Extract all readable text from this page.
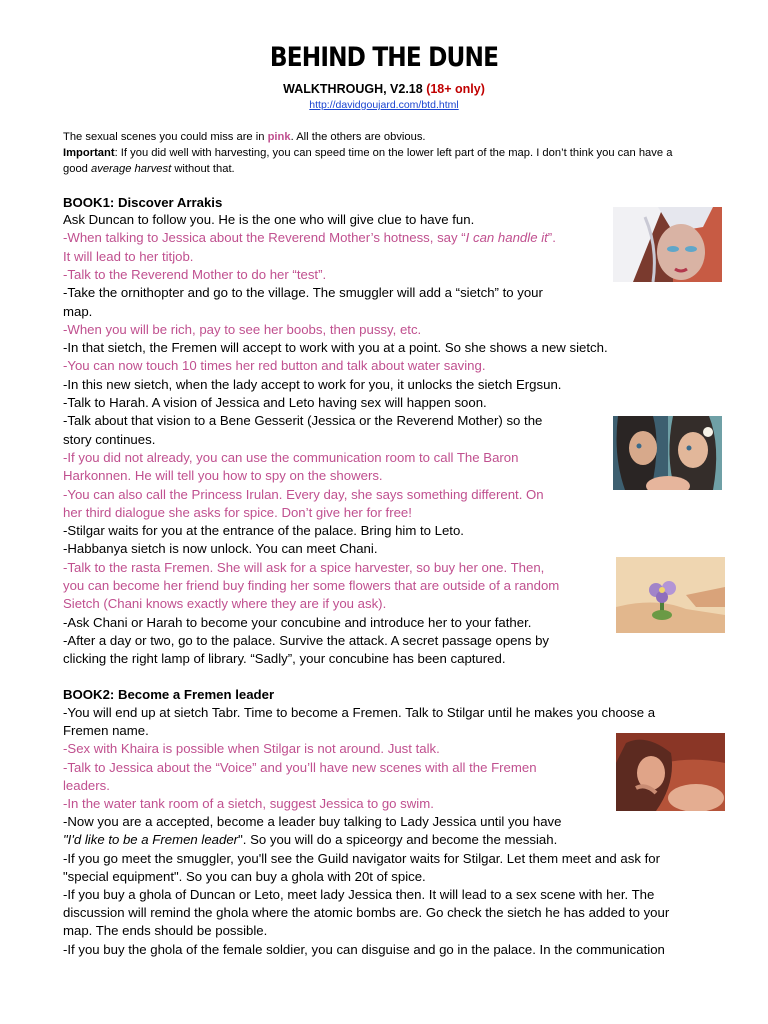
BEHIND THE DUNE
WALKTHROUGH, V2.18 (18+ only)
http://davidgoujard.com/btd.html
The sexual scenes you could miss are in pink. All the others are obvious.
Important: If you did well with harvesting, you can speed time on the lower left part of the map. I don’t think you can have a
good average harvest without that.
BOOK1: Discover Arrakis
Ask Duncan to follow you. He is the one who will give clue to have fun.
-When talking to Jessica about the Reverend Mother’s hotness, say “I can handle it”.
It will lead to her titjob.
-Talk to the Reverend Mother to do her “test”.
-Take the ornithopter and go to the village. The smuggler will add a “sietch” to your
map.
-When you will be rich, pay to see her boobs, then pussy, etc.
-In that sietch, the Fremen will accept to work with you at a point. So she shows a new sietch.
-You can now touch 10 times her red button and talk about water saving.
-In this new sietch, when the lady accept to work for you, it unlocks the sietch Ergsun.
-Talk to Harah. A vision of Jessica and Leto having sex will happen soon.
-Talk about that vision to a Bene Gesserit (Jessica or the Reverend Mother) so the
story continues.
-If you did not already, you can use the communication room to call The Baron
Harkonnen. He will tell you how to spy on the showers.
-You can also call the Princess Irulan. Every day, she says something different. On
her third dialogue she asks for spice. Don’t give her for free!
-Stilgar waits for you at the entrance of the palace. Bring him to Leto.
-Habbanya sietch is now unlock. You can meet Chani.
-Talk to the rasta Fremen. She will ask for a spice harvester, so buy her one. Then,
you can become her friend buy finding her some flowers that are outside of a random
Sietch (Chani knows exactly where they are if you ask).
-Ask Chani or Harah to become your concubine and introduce her to your father.
-After a day or two, go to the palace. Survive the attack. A secret passage opens by
clicking the right lamp of library. “Sadly”, your concubine has been captured.
BOOK2: Become a Fremen leader
-You will end up at sietch Tabr. Time to become a Fremen. Talk to Stilgar until he makes you choose a
Fremen name.
-Sex with Khaira is possible when Stilgar is not around. Just talk.
-Talk to Jessica about the “Voice” and you’ll have new scenes with all the Fremen
leaders.
-In the water tank room of a sietch, suggest Jessica to go swim.
-Now you are a accepted, become a leader buy talking to Lady Jessica until you have
"I'd like to be a Fremen leader". So you will do a spiceorgy and become the messiah.
-If you go meet the smuggler, you'll see the Guild navigator waits for Stilgar. Let them meet and ask for
"special equipment". So you can buy a ghola with 20t of spice.
-If you buy a ghola of Duncan or Leto, meet lady Jessica then. It will lead to a sex scene with her. The
discussion will remind the ghola where the atomic bombs are. Go check the sietch he has added to your
map. The ends should be possible.
-If you buy the ghola of the female soldier, you can disguise and go in the palace. In the communication
